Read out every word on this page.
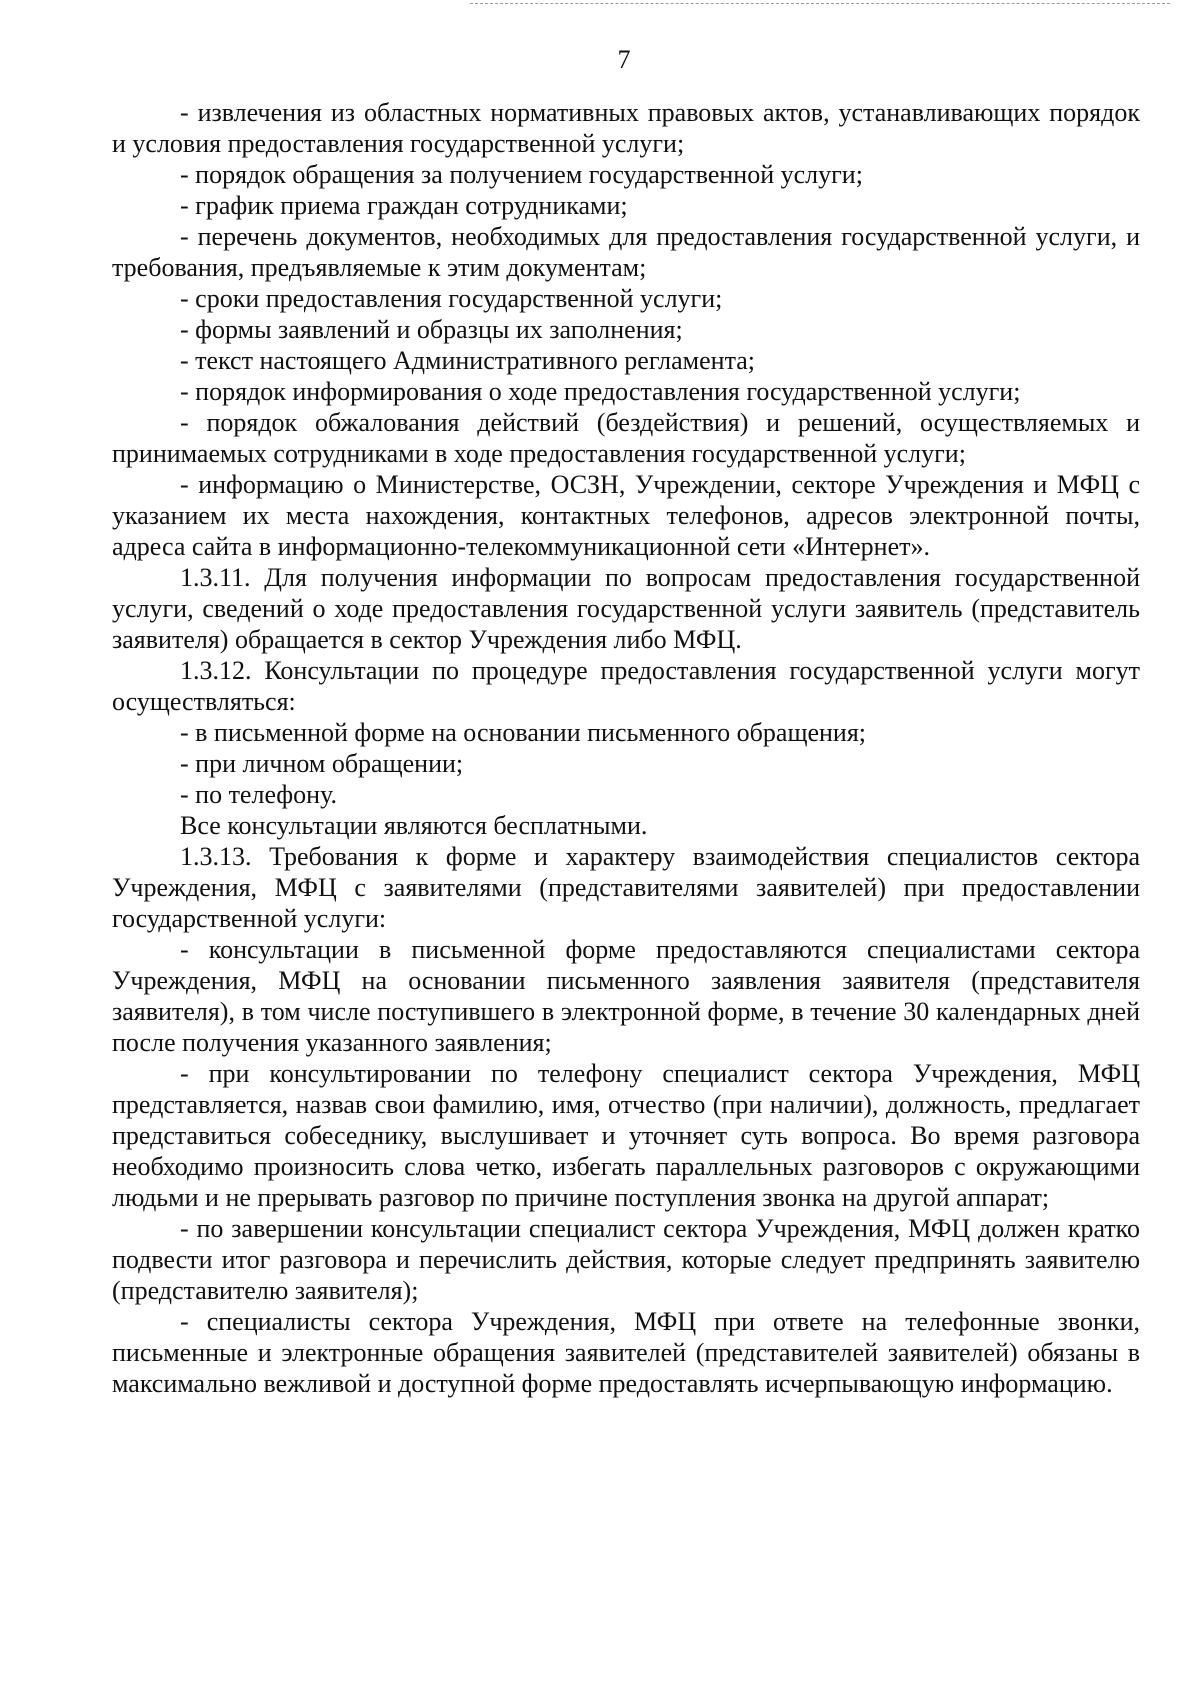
7

- извлечения из областных нормативных правовых актов, устанавливающих порядок и условия предоставления государственной услуги;

- порядок обращения за получением государственной услуги;

- график приема граждан сотрудниками;

- перечень документов, необходимых для предоставления государственной услуги, и требования, предъявляемые к этим документам;

- сроки предоставления государственной услуги;

- формы заявлений и образцы их заполнения;

- текст настоящего Административного регламента;

- порядок информирования о ходе предоставления государственной услуги;

- порядок обжалования действий (бездействия) и решений, осуществляемых и принимаемых сотрудниками в ходе предоставления государственной услуги;

- информацию о Министерстве, ОСЗН, Учреждении, секторе Учреждения и МФЦ с указанием их места нахождения, контактных телефонов, адресов электронной почты, адреса сайта в информационно-телекоммуникационной сети «Интернет».

1.3.11. Для получения информации по вопросам предоставления государственной услуги, сведений о ходе предоставления государственной услуги заявитель (представитель заявителя) обращается в сектор Учреждения либо МФЦ.

1.3.12. Консультации по процедуре предоставления государственной услуги могут осуществляться:

- в письменной форме на основании письменного обращения;

- при личном обращении;

- по телефону.

Все консультации являются бесплатными.

1.3.13. Требования к форме и характеру взаимодействия специалистов сектора Учреждения, МФЦ с заявителями (представителями заявителей) при предоставлении государственной услуги:

- консультации в письменной форме предоставляются специалистами сектора Учреждения, МФЦ на основании письменного заявления заявителя (представителя заявителя), в том числе поступившего в электронной форме, в течение 30 календарных дней после получения указанного заявления;

- при консультировании по телефону специалист сектора Учреждения, МФЦ представляется, назвав свои фамилию, имя, отчество (при наличии), должность, предлагает представиться собеседнику, выслушивает и уточняет суть вопроса. Во время разговора необходимо произносить слова четко, избегать параллельных разговоров с окружающими людьми и не прерывать разговор по причине поступления звонка на другой аппарат;

- по завершении консультации специалист сектора Учреждения, МФЦ должен кратко подвести итог разговора и перечислить действия, которые следует предпринять заявителю (представителю заявителя);

- специалисты сектора Учреждения, МФЦ при ответе на телефонные звонки, письменные и электронные обращения заявителей (представителей заявителей) обязаны в максимально вежливой и доступной форме предоставлять исчерпывающую информацию.
